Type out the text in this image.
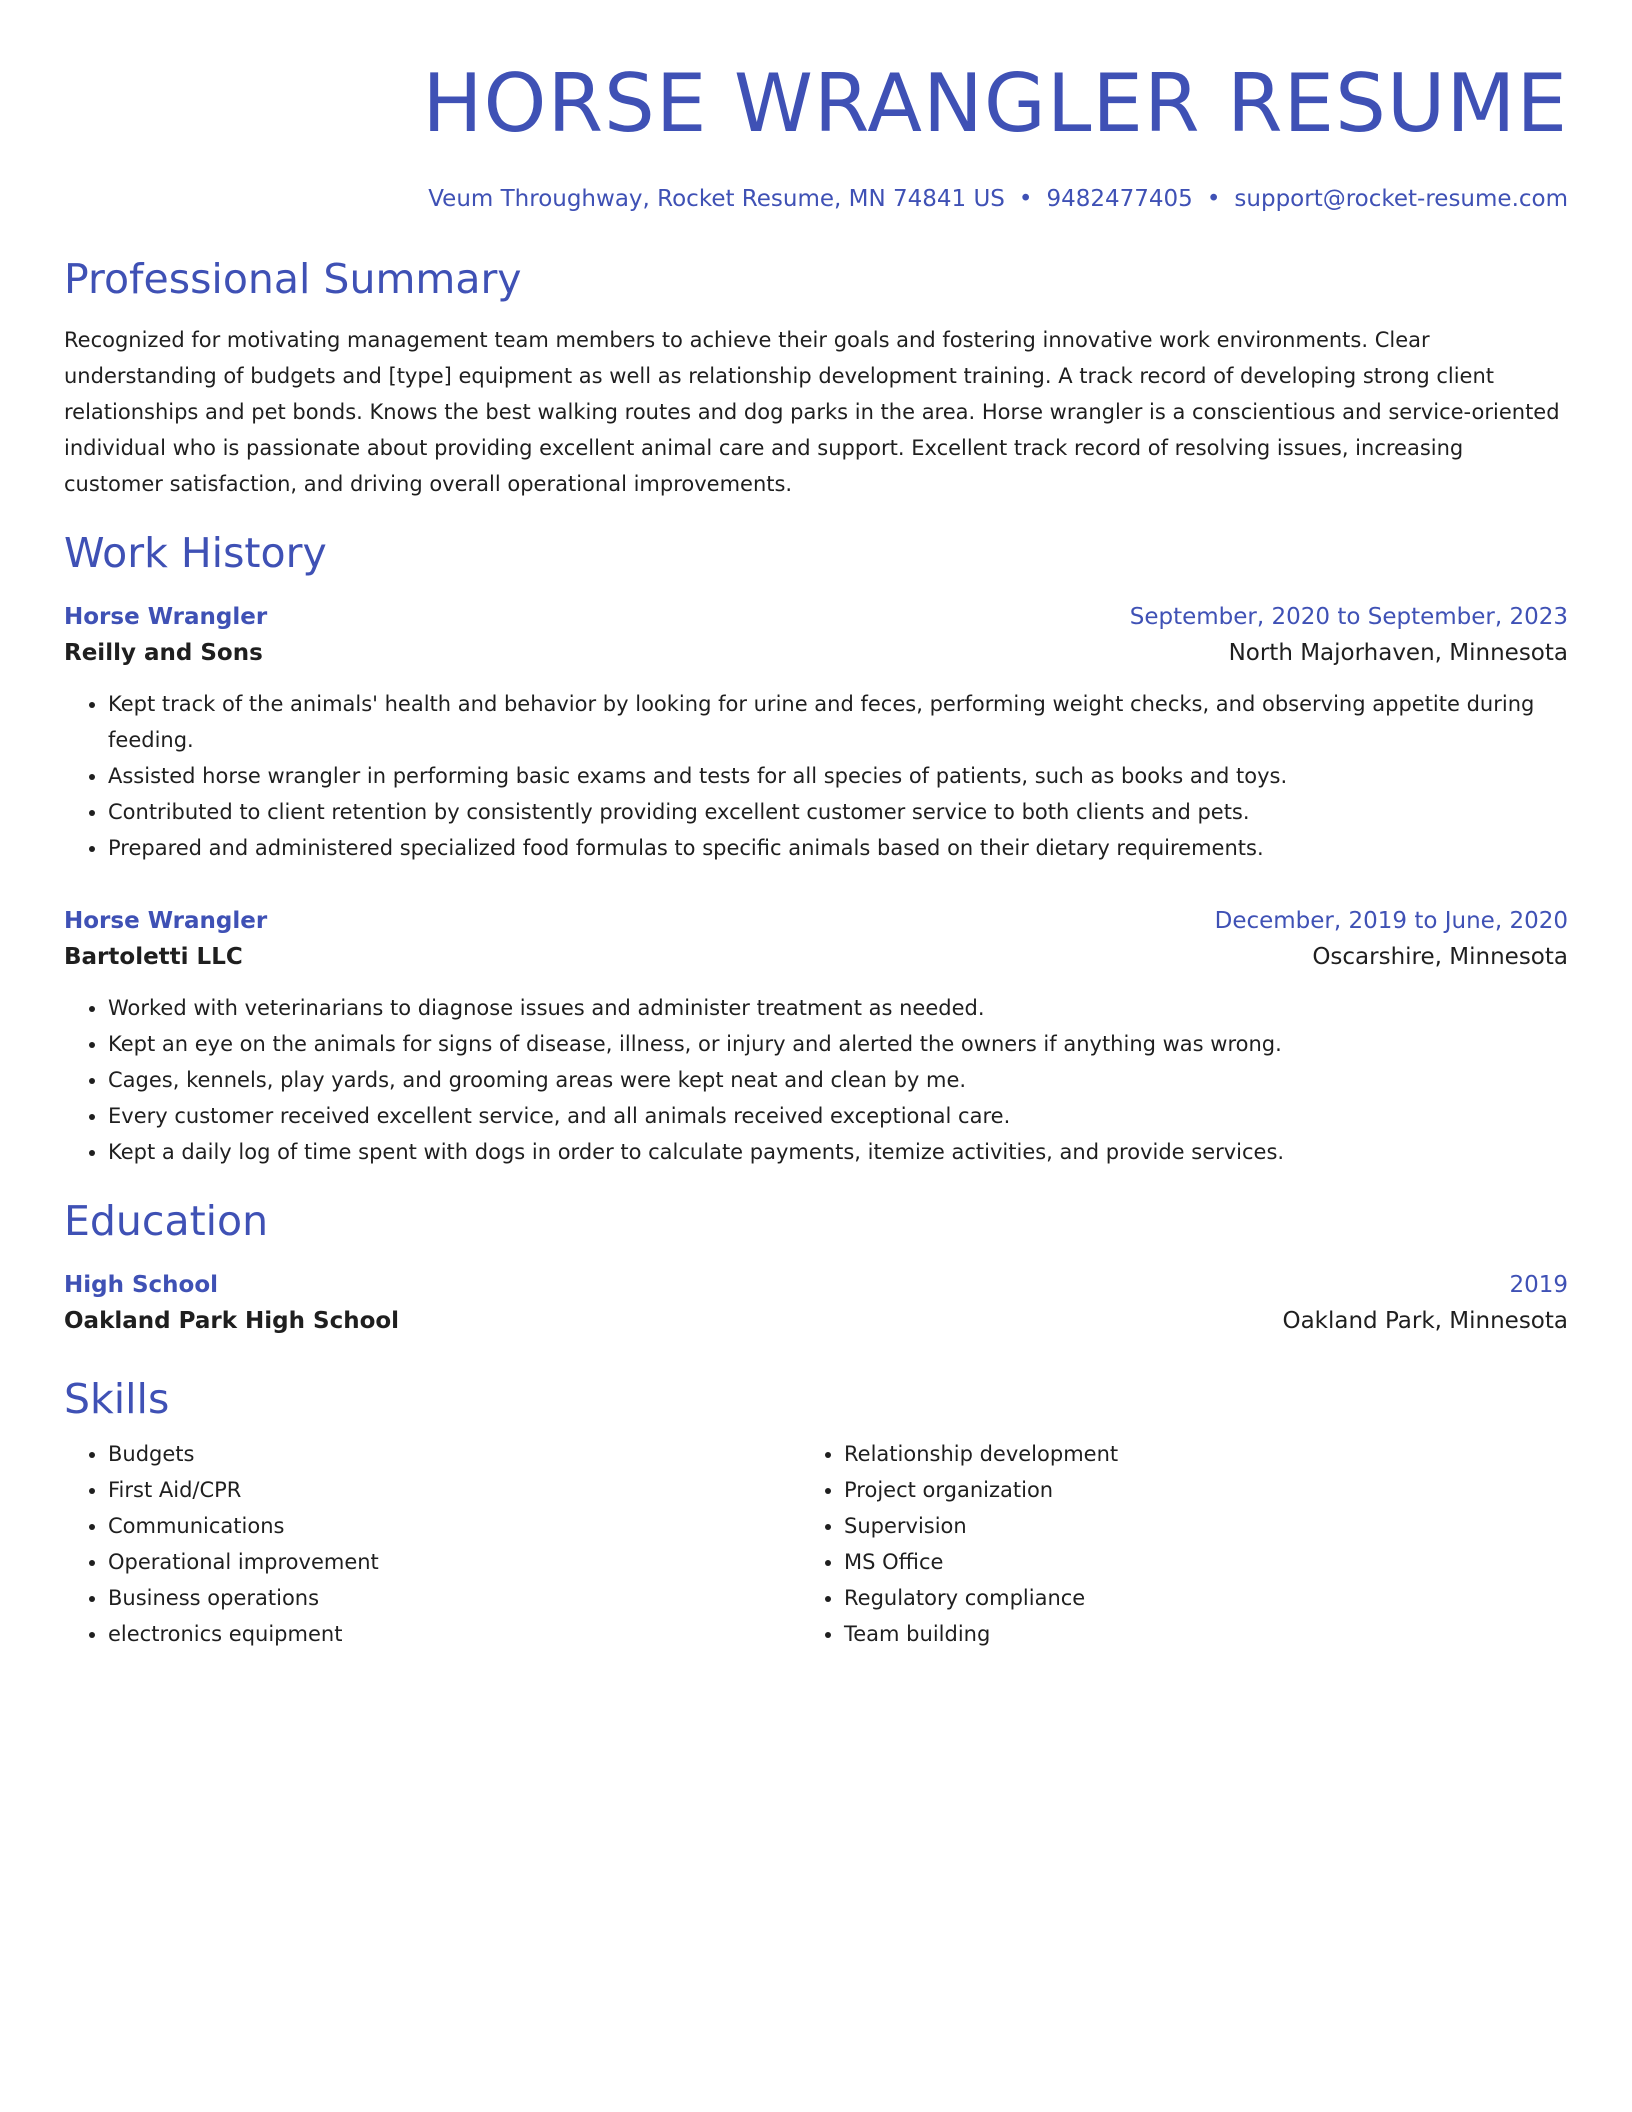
HORSE WRANGLER RESUME
Veum Throughway, Rocket Resume, MN 74841 US • 9482477405 • support@rocket-resume.com
Professional Summary

Recognized for motivating management team members to achieve their goals and fostering innovative work environments. Clear understanding of budgets and [type] equipment as well as relationship development training. A track record of developing strong client relationships and pet bonds. Knows the best walking routes and dog parks in the area. Horse wrangler is a conscientious and service-oriented individual who is passionate about providing excellent animal care and support. Excellent track record of resolving issues, increasing customer satisfaction, and driving overall operational improvements.

Work History
Horse Wrangler	September, 2020 to September, 2023
Reilly and Sons	North Majorhaven, Minnesota
• Kept track of the animals' health and behavior by looking for urine and feces, performing weight checks, and observing appetite during feeding.
• Assisted horse wrangler in performing basic exams and tests for all species of patients, such as books and toys.
• Contributed to client retention by consistently providing excellent customer service to both clients and pets.
• Prepared and administered specialized food formulas to specific animals based on their dietary requirements.
Horse Wrangler	December, 2019 to June, 2020
Bartoletti LLC	Oscarshire, Minnesota
• Worked with veterinarians to diagnose issues and administer treatment as needed.
• Kept an eye on the animals for signs of disease, illness, or injury and alerted the owners if anything was wrong.
• Cages, kennels, play yards, and grooming areas were kept neat and clean by me.
• Every customer received excellent service, and all animals received exceptional care.
• Kept a daily log of time spent with dogs in order to calculate payments, itemize activities, and provide services.
Education
High School	2019
Oakland Park High School	Oakland Park, Minnesota
Skills
• Budgets
• First Aid/CPR
• Communications
• Operational improvement
• Business operations
• electronics equipment
• Relationship development
• Project organization
• Supervision
• MS Office
• Regulatory compliance
• Team building
